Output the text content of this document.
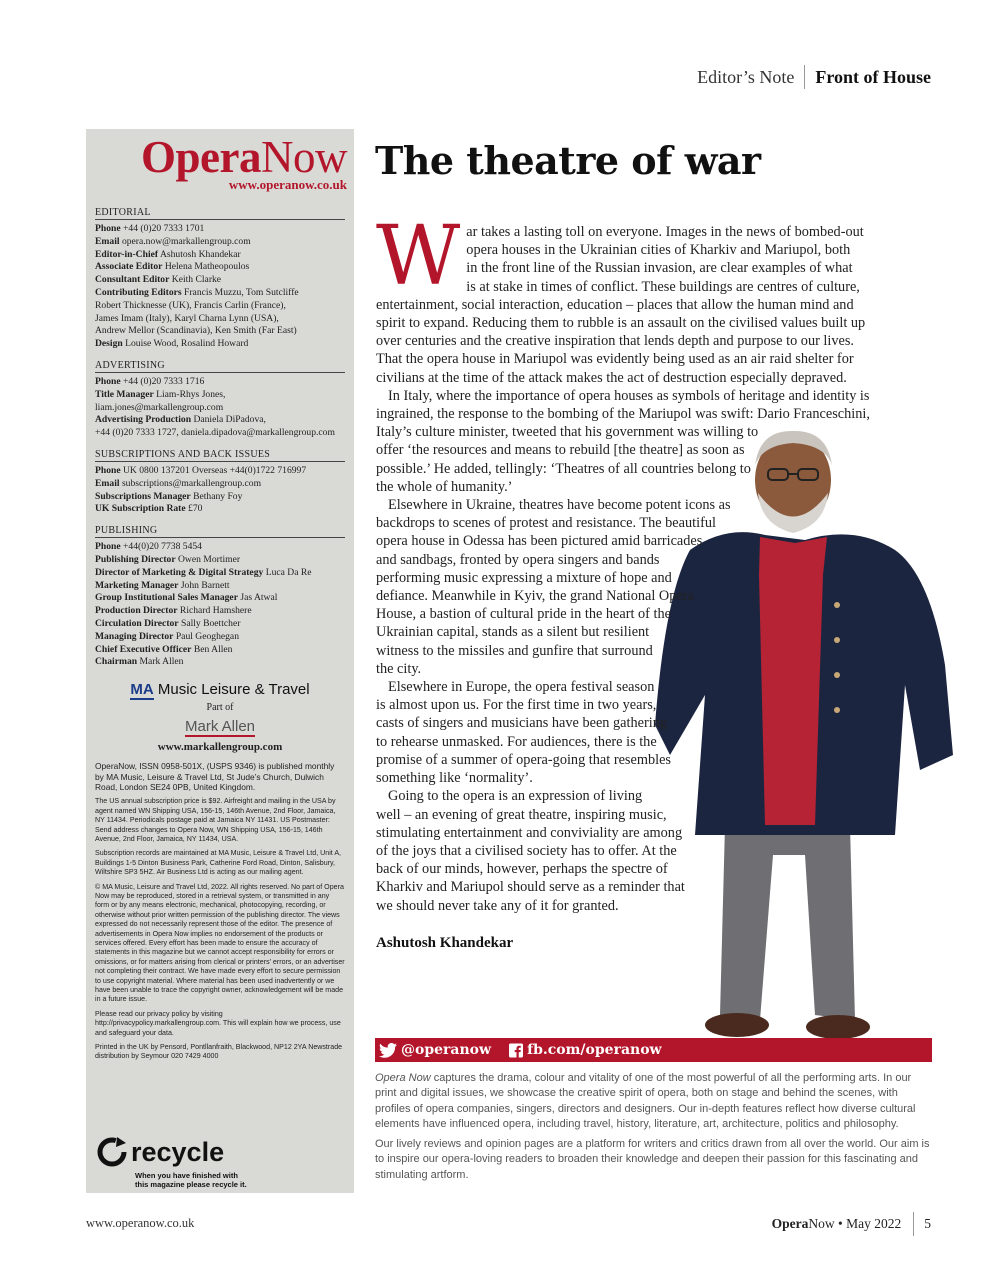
Editor’s Note Front of House
OperaNow
www.operanow.co.uk
EDITORIAL
Phone +44 (0)20 7333 1701
Email opera.now@markallengroup.com
Editor-in-Chief Ashutosh Khandekar
Associate Editor Helena Matheopoulos
Consultant Editor Keith Clarke
Contributing Editors Francis Muzzu, Tom Sutcliffe
Robert Thicknesse (UK), Francis Carlin (France),
James Imam (Italy), Karyl Charna Lynn (USA),
Andrew Mellor (Scandinavia), Ken Smith (Far East)
Design Louise Wood, Rosalind Howard
ADVERTISING
Phone +44 (0)20 7333 1716
Title Manager Liam-Rhys Jones,
liam.jones@markallengroup.com
Advertising Production Daniela DiPadova,
+44 (0)20 7333 1727, daniela.dipadova@markallengroup.com
SUBSCRIPTIONS AND BACK ISSUES
Phone UK 0800 137201 Overseas +44(0)1722 716997
Email subscriptions@markallengroup.com
Subscriptions Manager Bethany Foy
UK Subscription Rate £70
PUBLISHING
Phone +44(0)20 7738 5454
Publishing Director Owen Mortimer
Director of Marketing & Digital Strategy Luca Da Re
Marketing Manager John Barnett
Group Institutional Sales Manager Jas Atwal
Production Director Richard Hamshere
Circulation Director Sally Boettcher
Managing Director Paul Geoghegan
Chief Executive Officer Ben Allen
Chairman Mark Allen
MA Music Leisure & Travel
Part of
Mark Allen
www.markallengroup.com
OperaNow, ISSN 0958-501X, (USPS 9346) is published monthly by MA Music, Leisure & Travel Ltd, St Jude’s Church, Dulwich Road, London SE24 0PB, United Kingdom.
The US annual subscription price is $92. Airfreight and mailing in the USA by agent named WN Shipping USA, 156-15, 146th Avenue, 2nd Floor, Jamaica, NY 11434. Periodicals postage paid at Jamaica NY 11431. US Postmaster: Send address changes to Opera Now, WN Shipping USA, 156-15, 146th Avenue, 2nd Floor, Jamaica, NY 11434, USA.
Subscription records are maintained at MA Music, Leisure & Travel Ltd, Unit A, Buildings 1-5 Dinton Business Park, Catherine Ford Road, Dinton, Salisbury, Wiltshire SP3 5HZ. Air Business Ltd is acting as our mailing agent.
© MA Music, Leisure and Travel Ltd, 2022. All rights reserved. No part of Opera Now may be reproduced, stored in a retrieval system, or transmitted in any form or by any means electronic, mechanical, photocopying, recording, or otherwise without prior written permission of the publishing director. The views expressed do not necessarily represent those of the editor. The presence of advertisements in Opera Now implies no endorsement of the products or services offered. Every effort has been made to ensure the accuracy of statements in this magazine but we cannot accept responsibility for errors or omissions, or for matters arising from clerical or printers’ errors, or an advertiser not completing their contract. We have made every effort to secure permission to use copyright material. Where material has been used inadvertently or we have been unable to trace the copyright owner, acknowledgement will be made in a future issue.
Please read our privacy policy by visiting http://privacypolicy.markallengroup.com. This will explain how we process, use and safeguard your data.
Printed in the UK by Pensord, Pontllanfraith, Blackwood, NP12 2YA Newstrade distribution by Seymour 020 7429 4000
recycle
When you have finished with
this magazine please recycle it.
The theatre of war
W ar takes a lasting toll on everyone. Images in the news of bombed-out

opera houses in the Ukrainian cities of Kharkiv and Mariupol, both

in the front line of the Russian invasion, are clear examples of what

is at stake in times of conflict. These buildings are centres of culture,

entertainment, social interaction, education – places that allow the human mind and

spirit to expand. Reducing them to rubble is an assault on the civilised values built up

over centuries and the creative inspiration that lends depth and purpose to our lives.

That the opera house in Mariupol was evidently being used as an air raid shelter for

civilians at the time of the attack makes the act of destruction especially depraved.

In Italy, where the importance of opera houses as symbols of heritage and identity is

ingrained, the response to the bombing of the Mariupol was swift: Dario Franceschini,

Italy’s culture minister, tweeted that his government was willing to

offer ‘the resources and means to rebuild [the theatre] as soon as

possible.’ He added, tellingly: ‘Theatres of all countries belong to

the whole of humanity.’

Elsewhere in Ukraine, theatres have become potent icons as

backdrops to scenes of protest and resistance. The beautiful

opera house in Odessa has been pictured amid barricades

and sandbags, fronted by opera singers and bands

performing music expressing a mixture of hope and

defiance. Meanwhile in Kyiv, the grand National Opera

House, a bastion of cultural pride in the heart of the

Ukrainian capital, stands as a silent but resilient

witness to the missiles and gunfire that surround

the city.

Elsewhere in Europe, the opera festival season

is almost upon us. For the first time in two years,

casts of singers and musicians have been gathering

to rehearse unmasked. For audiences, there is the

promise of a summer of opera-going that resembles

something like ‘normality’.

Going to the opera is an expression of living

well – an evening of great theatre, inspiring music,

stimulating entertainment and conviviality are among

of the joys that a civilised society has to offer. At the

back of our minds, however, perhaps the spectre of

Kharkiv and Mariupol should serve as a reminder that

we should never take any of it for granted.

Ashutosh Khandekar
@operanow	fb.com/operanow

Opera Now captures the drama, colour and vitality of one of the most powerful of all the performing arts. In our print and digital issues, we showcase the creative spirit of opera, both on stage and behind the scenes, with profiles of opera companies, singers, directors and designers. Our in-depth features reflect how diverse cultural elements have influenced opera, including travel, history, literature, art, architecture, politics and philosophy.

Our lively reviews and opinion pages are a platform for writers and critics drawn from all over the world. Our aim is to inspire our opera-loving readers to broaden their knowledge and deepen their passion for this fascinating and stimulating artform.

www.operanow.co.uk	OperaNow • May 2022 5
